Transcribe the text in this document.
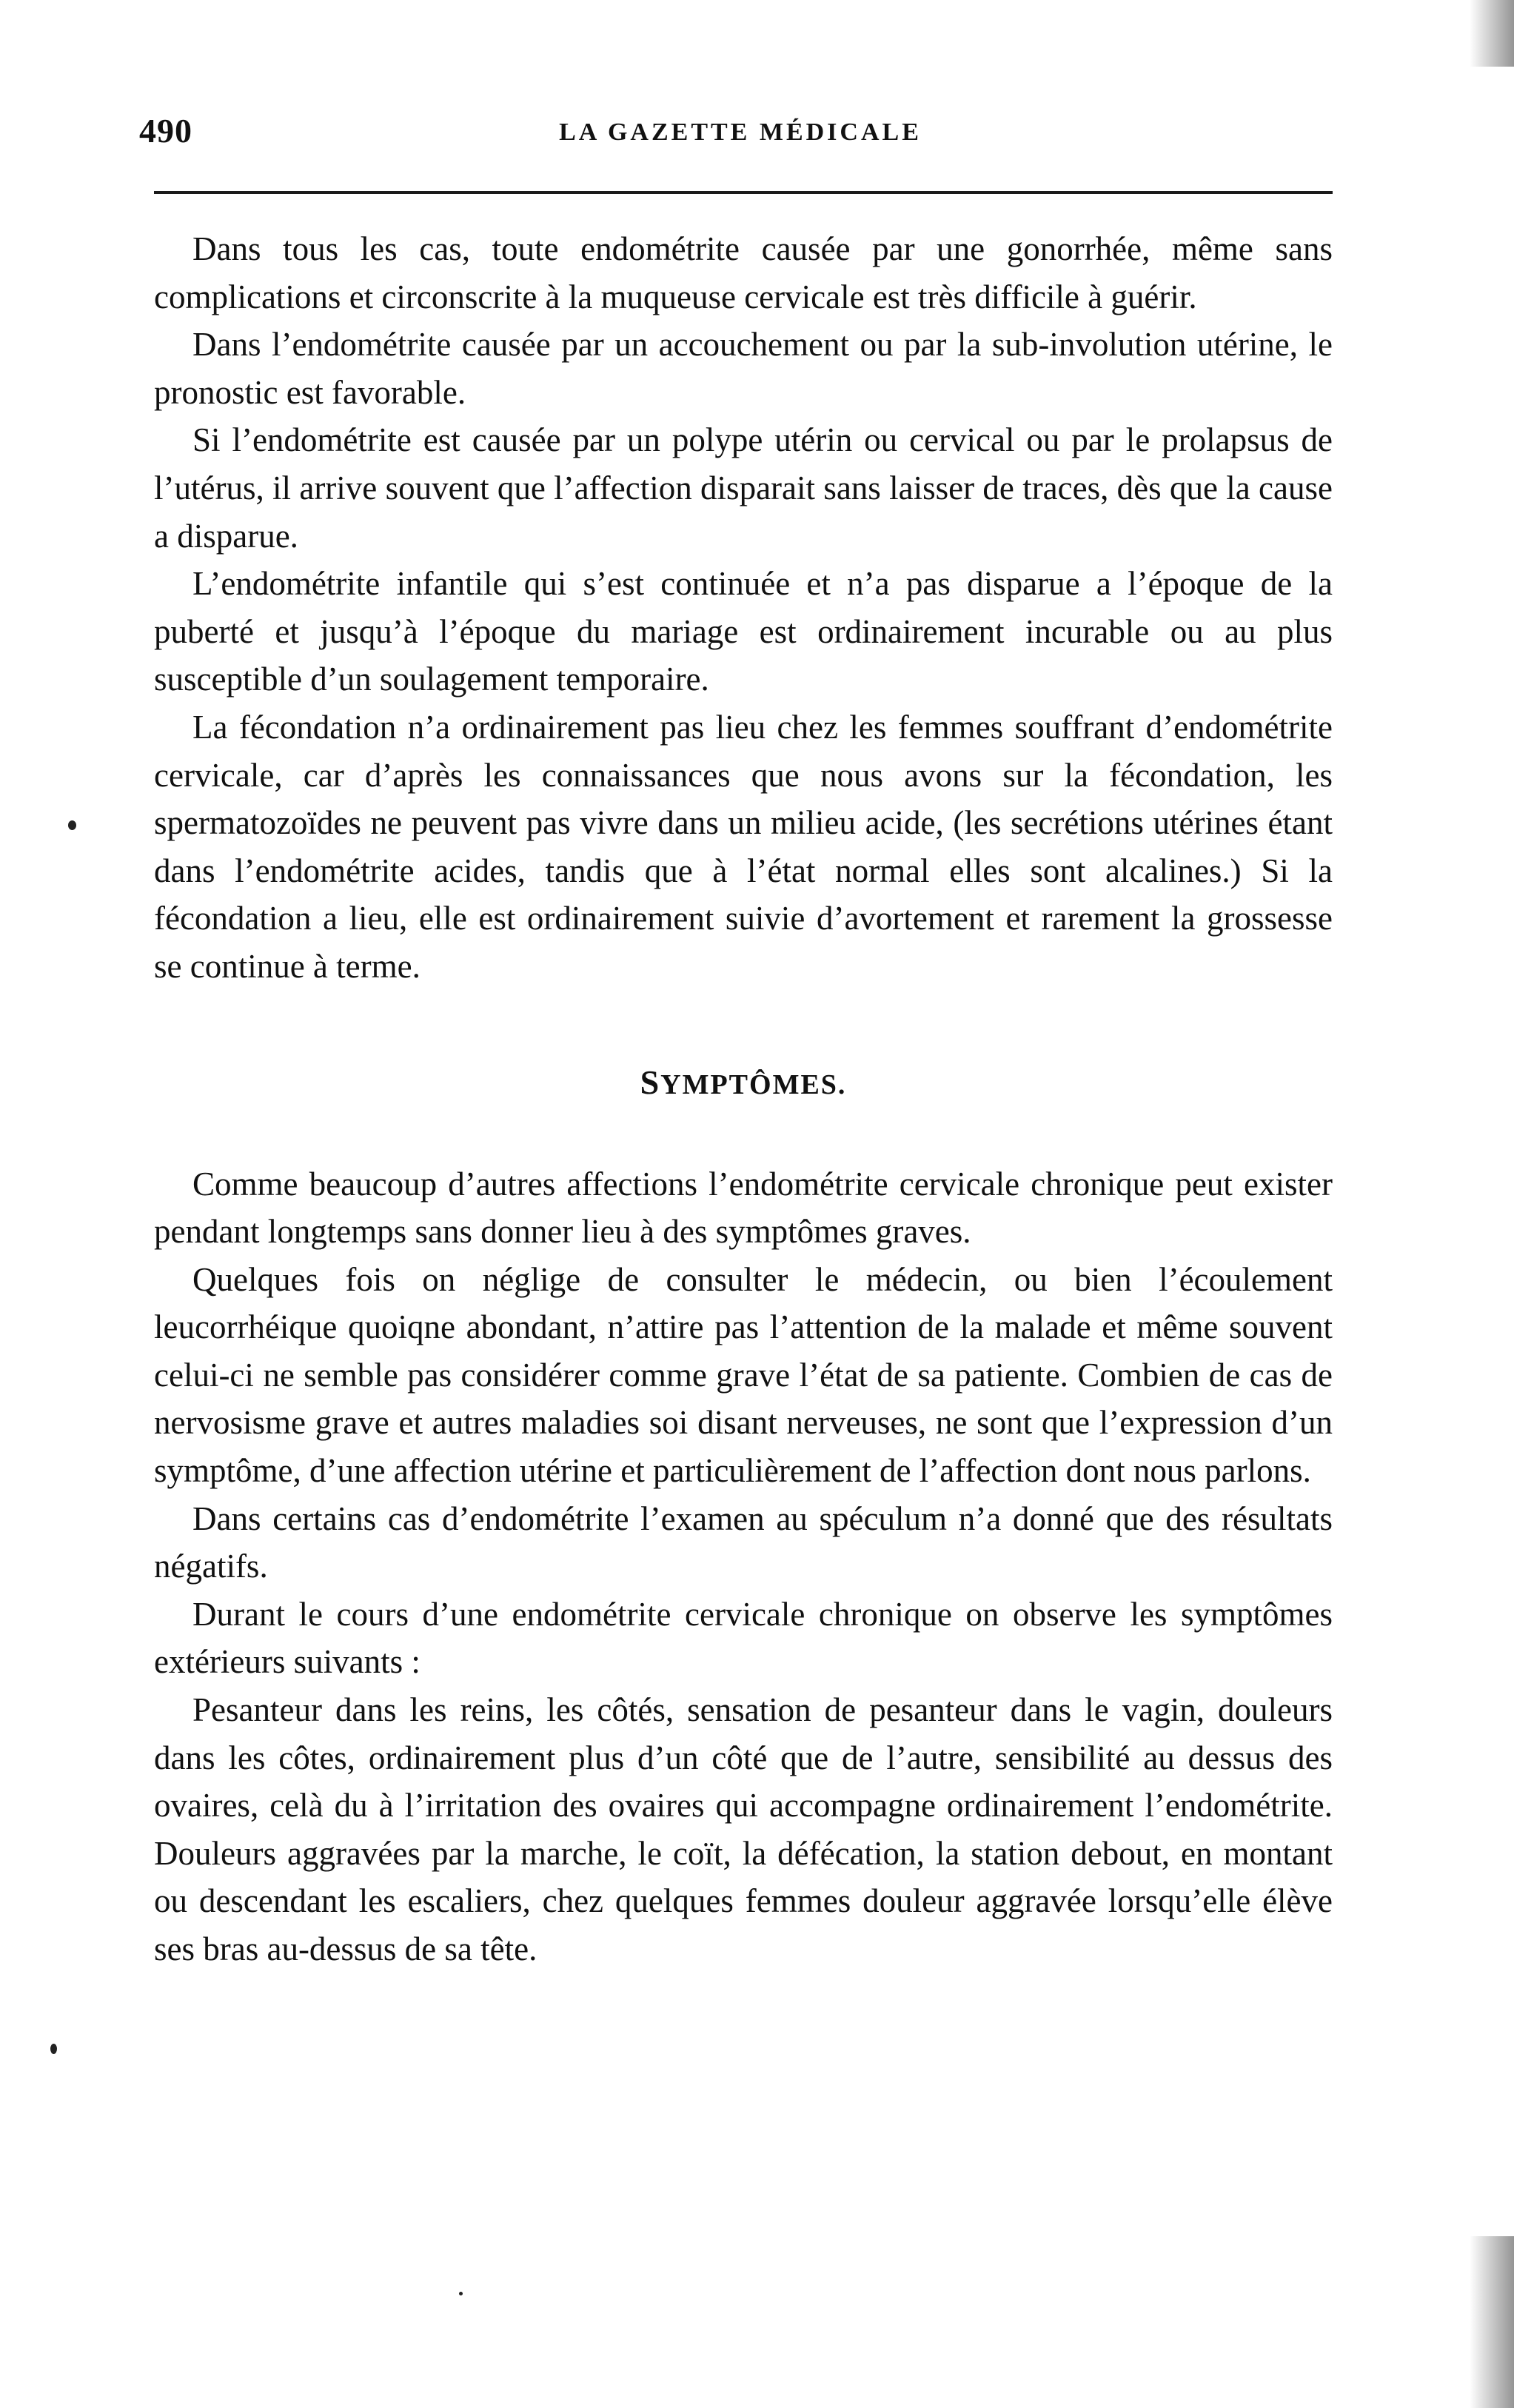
490	LA GAZETTE MÉDICALE

Dans tous les cas, toute endométrite causée par une gonorrhée, même sans complications et circonscrite à la muqueuse cervicale est très difficile à guérir.

Dans l’endométrite causée par un accouchement ou par la sub-involution utérine, le pronostic est favorable.

Si l’endométrite est causée par un polype utérin ou cervical ou par le prolapsus de l’utérus, il arrive souvent que l’affection disparait sans laisser de traces, dès que la cause a disparue.

L’endométrite infantile qui s’est continuée et n’a pas disparue a l’époque de la puberté et jusqu’à l’époque du mariage est ordinairement incurable ou au plus susceptible d’un soulagement temporaire.

La fécondation n’a ordinairement pas lieu chez les femmes souffrant d’endométrite cervicale, car d’après les connaissances que nous avons sur la fécondation, les spermatozoïdes ne peuvent pas vivre dans un milieu acide, (les secrétions utérines étant dans l’endométrite acides, tandis que à l’état normal elles sont alcalines.) Si la fécondation a lieu, elle est ordinairement suivie d’avortement et rarement la grossesse se continue à terme.

SYMPTÔMES.

Comme beaucoup d’autres affections l’endométrite cervicale chronique peut exister pendant longtemps sans donner lieu à des symptômes graves.

Quelques fois on néglige de consulter le médecin, ou bien l’écoulement leucorrhéique quoiqne abondant, n’attire pas l’attention de la malade et même souvent celui-ci ne semble pas considérer comme grave l’état de sa patiente. Combien de cas de nervosisme grave et autres maladies soi disant nerveuses, ne sont que l’expression d’un symptôme, d’une affection utérine et particulièrement de l’affection dont nous parlons.

Dans certains cas d’endométrite l’examen au spéculum n’a donné que des résultats négatifs.

Durant le cours d’une endométrite cervicale chronique on observe les symptômes extérieurs suivants :

Pesanteur dans les reins, les côtés, sensation de pesanteur dans le vagin, douleurs dans les côtes, ordinairement plus d’un côté que de l’autre, sensibilité au dessus des ovaires, celà du à l’irritation des ovaires qui accompagne ordinairement l’endométrite. Douleurs aggravées par la marche, le coït, la défécation, la station debout, en montant ou descendant les escaliers, chez quelques femmes douleur aggravée lorsqu’elle élève ses bras au-dessus de sa tête.
